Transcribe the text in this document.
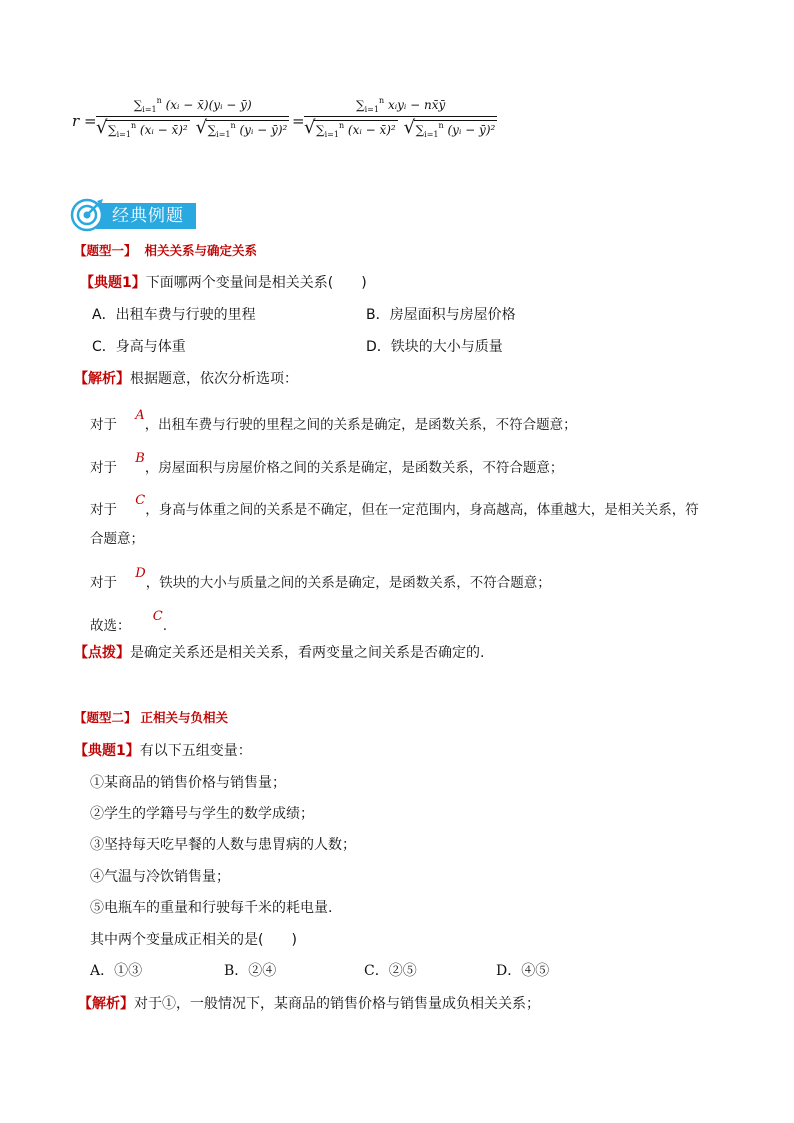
$r = \sum_{i=1}^n$ (xᵢ − x̄)(yᵢ − ȳ)
√ $\sum_{i=1}^n$ (xᵢ − x̄)² √ $\sum_{i=1}^n$ (yᵢ − ȳ)² =
$\sum_{i=1}^n$ xᵢyᵢ − nx̄ȳ
√ $\sum_{i=1}^n$ (xᵢ − x̄)² √ $\sum_{i=1}^n$ (yᵢ − ȳ)²
经典例题
【题型一】 相关关系与确定关系
【典题1】下面哪两个变量间是相关关系(　　)
A．出租车费与行驶的里程	B．房屋面积与房屋价格
C．身高与体重	D．铁块的大小与质量
【解析】根据题意，依次分析选项：
对于 A，出租车费与行驶的里程之间的关系是确定，是函数关系，不符合题意；
对于 B，房屋面积与房屋价格之间的关系是确定，是函数关系，不符合题意；
对于 C，身高与体重之间的关系是不确定，但在一定范围内，身高越高，体重越大，是相关关系，符
合题意；
对于 D，铁块的大小与质量之间的关系是确定，是函数关系，不符合题意；
故选： C.
【点拨】是确定关系还是相关关系，看两变量之间关系是否确定的.
【题型二】 正相关与负相关
【典题1】有以下五组变量：
①某商品的销售价格与销售量；
②学生的学籍号与学生的数学成绩；
③坚持每天吃早餐的人数与患胃病的人数；
④气温与冷饮销售量；
⑤电瓶车的重量和行驶每千米的耗电量.
其中两个变量成正相关的是(　　)
A．①③	B．②④	C．②⑤	D．④⑤
【解析】对于①，一般情况下，某商品的销售价格与销售量成负相关关系；
